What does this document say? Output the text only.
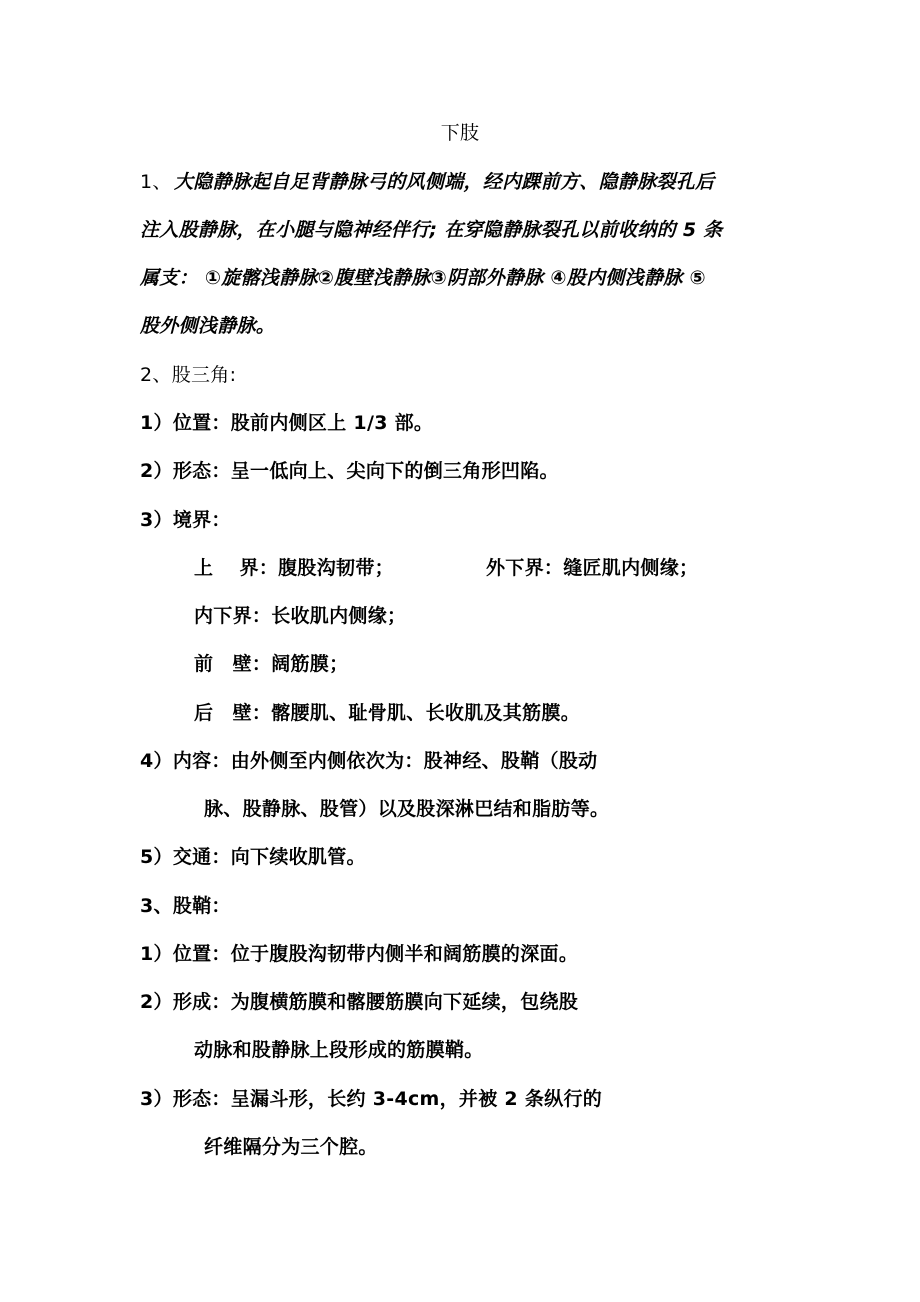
下肢
1、 大隐静脉起自足背静脉弓的风侧端，经内踝前方、隐静脉裂孔后
注入股静脉，在小腿与隐神经伴行; 在穿隐静脉裂孔以前收纳的 5 条
属支： ①旋髂浅静脉②腹壁浅静脉③阴部外静脉 ④股内侧浅静脉 ⑤
股外侧浅静脉。
2、股三角:
1）位置：股前内侧区上 1/3 部。
2）形态：呈一低向上、尖向下的倒三角形凹陷。
3）境界：
上　 界：腹股沟韧带；	外下界：缝匠肌内侧缘；
内下界：长收肌内侧缘；
前　壁：阔筋膜；
后　壁：髂腰肌、耻骨肌、长收肌及其筋膜。
4）内容：由外侧至内侧依次为：股神经、股鞘（股动
脉、股静脉、股管）以及股深淋巴结和脂肪等。
5）交通：向下续收肌管。
3、股鞘：
1）位置：位于腹股沟韧带内侧半和阔筋膜的深面。
2）形成：为腹横筋膜和髂腰筋膜向下延续，包绕股
动脉和股静脉上段形成的筋膜鞘。
3）形态：呈漏斗形，长约 3-4cm，并被 2 条纵行的
纤维隔分为三个腔。
